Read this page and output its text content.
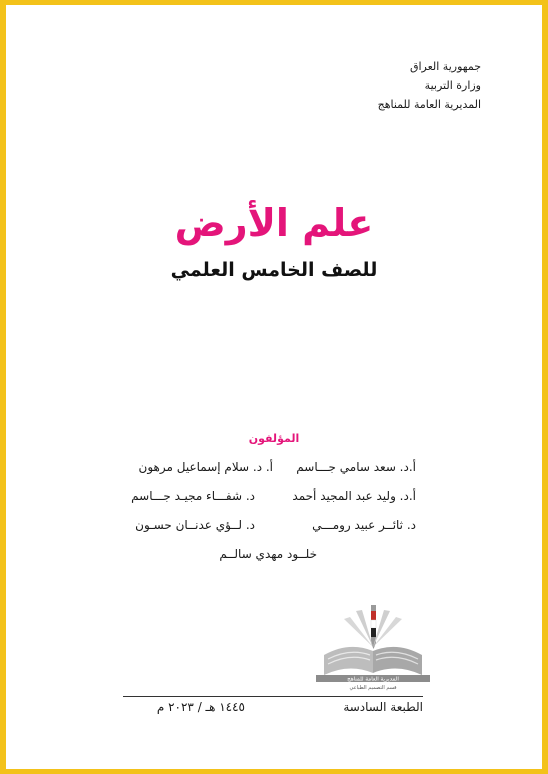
جمهورية العراق
وزارة التربية
المديرية العامة للمناهج
علم الأرض
للصف الخامس العلمي
المؤلفون
أ.د. سعد سامي جـــاسم
أ. د. سلام إسماعيل مرهون
أ.د. وليد عبد المجيد أحمد
د. شفـــاء مجيـد جـــاسم
د. ثائــر عبيد رومـــي
د. لــؤي عدنــان حسـون
خلــود مهدي سالــم
المديرية العامة للمناهج
قسم التصميم الطباعي
الطبعة السادسة
١٤٤٥ هـ / ٢٠٢٣ م
